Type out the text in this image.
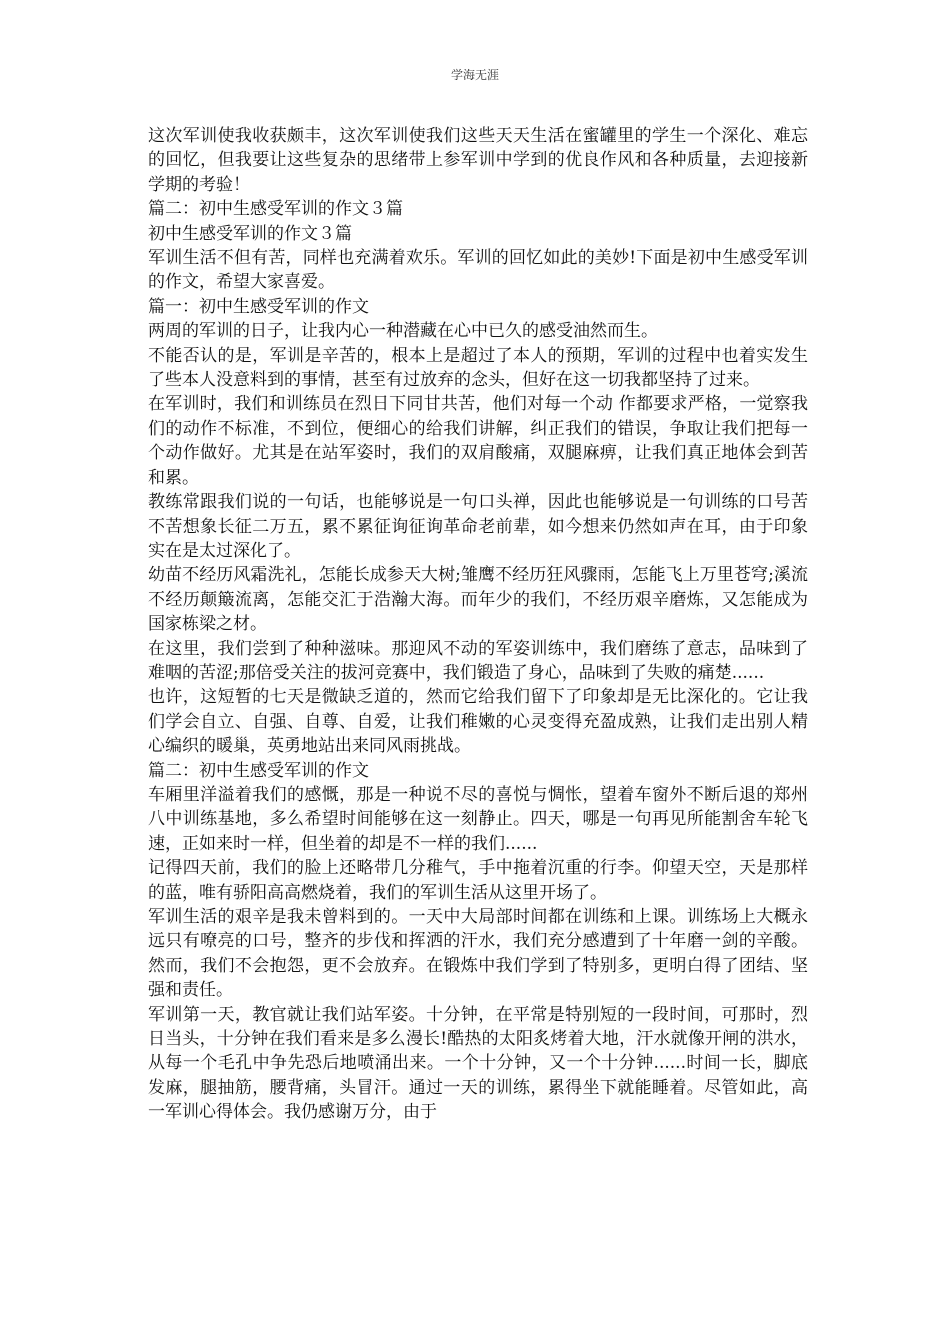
学海无涯

这次军训使我收获颇丰，这次军训使我们这些天天生活在蜜罐里的学生一个深化、难忘的回忆，但我要让这些复杂的思绪带上参军训中学到的优良作风和各种质量，去迎接新学期的考验！

篇二：初中生感受军训的作文３篇

初中生感受军训的作文３篇

军训生活不但有苦，同样也充满着欢乐。军训的回忆如此的美妙!下面是初中生感受军训的作文，希望大家喜爱。

篇一：初中生感受军训的作文

两周的军训的日子，让我内心一种潜藏在心中已久的感受油然而生。

不能否认的是，军训是辛苦的，根本上是超过了本人的预期，军训的过程中也着实发生了些本人没意料到的事情，甚至有过放弃的念头，但好在这一切我都坚持了过来。

在军训时，我们和训练员在烈日下同甘共苦，他们对每一个动 作都要求严格，一觉察我们的动作不标准，不到位，便细心的给我们讲解，纠正我们的错误，争取让我们把每一个动作做好。尤其是在站军姿时，我们的双肩酸痛，双腿麻痹，让我们真正地体会到苦和累。

教练常跟我们说的一句话，也能够说是一句口头禅，因此也能够说是一句训练的口号苦不苦想象长征二万五，累不累征询征询革命老前辈，如今想来仍然如声在耳，由于印象实在是太过深化了。

幼苗不经历风霜洗礼，怎能长成参天大树;雏鹰不经历狂风骤雨，怎能飞上万里苍穹;溪流不经历颠簸流离，怎能交汇于浩瀚大海。而年少的我们，不经历艰辛磨炼，又怎能成为国家栋梁之材。

在这里，我们尝到了种种滋味。那迎风不动的军姿训练中，我们磨练了意志，品味到了难咽的苦涩;那倍受关注的拔河竞赛中，我们锻造了身心，品味到了失败的痛楚......

也许，这短暂的七天是微缺乏道的，然而它给我们留下了印象却是无比深化的。它让我们学会自立、自强、自尊、自爱，让我们稚嫩的心灵变得充盈成熟，让我们走出别人精心编织的暖巢，英勇地站出来同风雨挑战。

篇二：初中生感受军训的作文

车厢里洋溢着我们的感慨，那是一种说不尽的喜悦与惆怅，望着车窗外不断后退的郑州八中训练基地，多么希望时间能够在这一刻静止。四天，哪是一句再见所能割舍车轮飞速，正如来时一样，但坐着的却是不一样的我们......

记得四天前，我们的脸上还略带几分稚气，手中拖着沉重的行李。仰望天空，天是那样的蓝，唯有骄阳高高燃烧着，我们的军训生活从这里开场了。

军训生活的艰辛是我未曾料到的。一天中大局部时间都在训练和上课。训练场上大概永远只有嘹亮的口号，整齐的步伐和挥洒的汗水，我们充分感遭到了十年磨一剑的辛酸。然而，我们不会抱怨，更不会放弃。在锻炼中我们学到了特别多，更明白得了团结、坚强和责任。

军训第一天，教官就让我们站军姿。十分钟，在平常是特别短的一段时间，可那时，烈日当头，十分钟在我们看来是多么漫长!酷热的太阳炙烤着大地，汗水就像开闸的洪水，从每一个毛孔中争先恐后地喷涌出来。一个十分钟，又一个十分钟......时间一长，脚底发麻，腿抽筋，腰背痛，头冒汗。通过一天的训练，累得坐下就能睡着。尽管如此，高一军训心得体会。我仍感谢万分，由于
